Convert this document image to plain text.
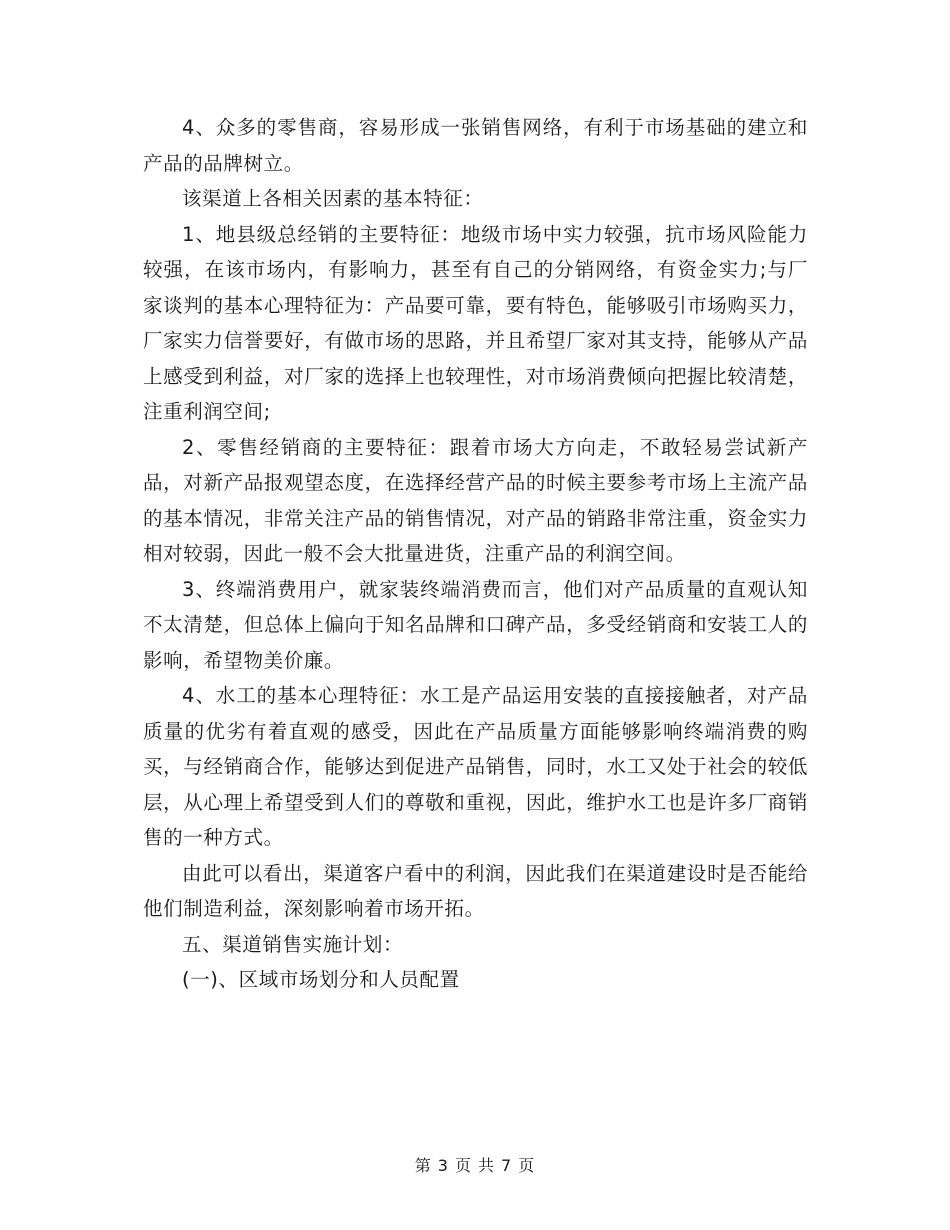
4、众多的零售商，容易形成一张销售网络，有利于市场基础的建立和产品的品牌树立。

该渠道上各相关因素的基本特征：

1、地县级总经销的主要特征：地级市场中实力较强，抗市场风险能力较强，在该市场内，有影响力，甚至有自己的分销网络，有资金实力;与厂家谈判的基本心理特征为：产品要可靠，要有特色，能够吸引市场购买力，厂家实力信誉要好，有做市场的思路，并且希望厂家对其支持，能够从产品上感受到利益，对厂家的选择上也较理性，对市场消费倾向把握比较清楚，注重利润空间;

2、零售经销商的主要特征：跟着市场大方向走，不敢轻易尝试新产品，对新产品报观望态度，在选择经营产品的时候主要参考市场上主流产品的基本情况，非常关注产品的销售情况，对产品的销路非常注重，资金实力相对较弱，因此一般不会大批量进货，注重产品的利润空间。

3、终端消费用户，就家装终端消费而言，他们对产品质量的直观认知不太清楚，但总体上偏向于知名品牌和口碑产品，多受经销商和安装工人的影响，希望物美价廉。

4、水工的基本心理特征：水工是产品运用安装的直接接触者，对产品质量的优劣有着直观的感受，因此在产品质量方面能够影响终端消费的购买，与经销商合作，能够达到促进产品销售，同时，水工又处于社会的较低层，从心理上希望受到人们的尊敬和重视，因此，维护水工也是许多厂商销售的一种方式。

由此可以看出，渠道客户看中的利润，因此我们在渠道建设时是否能给他们制造利益，深刻影响着市场开拓。

五、渠道销售实施计划：

(一)、区域市场划分和人员配置

第 3 页 共 7 页
